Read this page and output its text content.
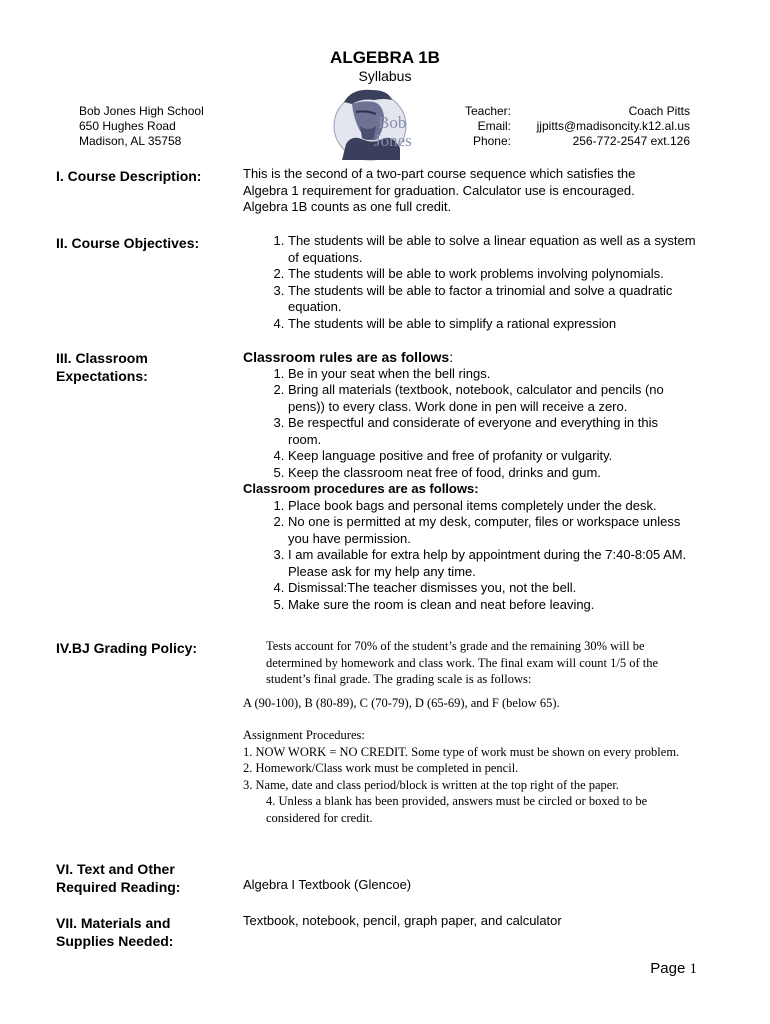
ALGEBRA 1B
Syllabus
Bob Jones High School
650 Hughes Road
Madison, AL 35758
Bob
Jones
Teacher:
Email:
Phone:
Coach Pitts
jjpitts@madisoncity.k12.al.us
256-772-2547 ext.126
I. Course Description:	This is the second of a two-part course sequence which satisfies the Algebra 1 requirement for graduation. Calculator use is encouraged. Algebra 1B counts as one full credit.
II. Course Objectives:
1.	The students will be able to solve a linear equation as well as a system of equations.
2. The students will be able to work problems involving polynomials.
3. The students will be able to factor a trinomial and solve a quadratic equation.
4. The students will be able to simplify a rational expression
III. Classroom
Expectations:

Classroom rules are as follows:

1. Be in your seat when the bell rings.
2. Bring all materials (textbook, notebook, calculator and pencils (no pens)) to every class. Work done in pen will receive a zero.
3. Be respectful and considerate of everyone and everything in this room.
4. Keep language positive and free of profanity or vulgarity.
5. Keep the classroom neat free of food, drinks and gum.

Classroom procedures are as follows:

1. Place book bags and personal items completely under the desk.
2. No one is permitted at my desk, computer, files or workspace unless you have permission.
3. I am available for extra help by appointment during the 7:40-8:05 AM. Please ask for my help any time.
4. Dismissal:The teacher dismisses you, not the bell.
5. Make sure the room is clean and neat before leaving.
IV.BJ Grading Policy:	Tests account for 70% of the student’s grade and the remaining 30% will be determined by homework and class work. The final exam will count 1/5 of the student’s final grade. The grading scale is as follows:
A (90-100), B (80-89), C (70-79), D (65-69), and F (below 65).
Assignment Procedures:
1. NOW WORK = NO CREDIT. Some type of work must be shown on every problem.
2. Homework/Class work must be completed in pencil.
3. Name, date and class period/block is written at the top right of the paper.
4. Unless a blank has been provided, answers must be circled or boxed to be considered for credit.
VI. Text and Other
Required Reading:	Algebra I Textbook (Glencoe)
VII. Materials and
Supplies Needed:
Textbook, notebook, pencil, graph paper, and calculator
Page 1
